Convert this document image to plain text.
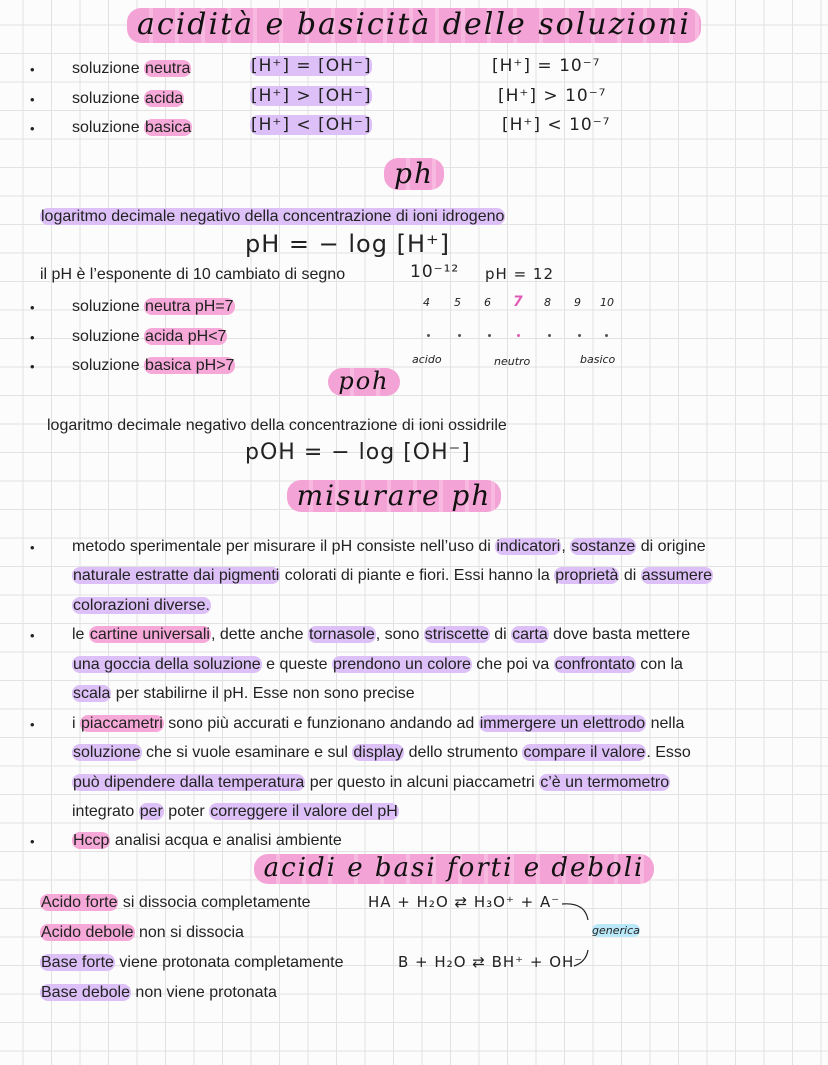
acidità e basicità delle soluzioni
• soluzione neutra	[H⁺] = [OH⁻]	[H⁺] = 10⁻⁷
• soluzione acida	[H⁺] > [OH⁻]	[H⁺] > 10⁻⁷
• soluzione basica	[H⁺] < [OH⁻]	[H⁺] < 10⁻⁷
ph
logaritmo decimale negativo della concentrazione di ioni idrogeno
pH = − log [H⁺]
il pH è l’esponente di 10 cambiato di segno	10⁻¹² pH = 12
• soluzione neutra pH=7
• soluzione acida pH<7
• soluzione basica pH>7
4 5 6 7 8 9 10
acido	neutro	basico
poh
logaritmo decimale negativo della concentrazione di ioni ossidrile
pOH = − log [OH⁻]
misurare ph
• metodo sperimentale per misurare il pH consiste nell’uso di indicatori, sostanze di origine
naturale estratte dai pigmenti colorati di piante e fiori. Essi hanno la proprietà di assumere
colorazioni diverse.
• le cartine universali, dette anche tornasole, sono striscette di carta dove basta mettere
una goccia della soluzione e queste prendono un colore che poi va confrontato con la
scala per stabilirne il pH. Esse non sono precise
• i piaccametri sono più accurati e funzionano andando ad immergere un elettrodo nella
soluzione che si vuole esaminare e sul display dello strumento compare il valore. Esso
può dipendere dalla temperatura per questo in alcuni piaccametri c’è un termometro
integrato per poter correggere il valore del pH
• Hccp analisi acqua e analisi ambiente
acidi e basi forti e deboli
Acido forte si dissocia completamente
Acido debole non si dissocia
Base forte viene protonata completamente
Base debole non viene protonata
HA + H₂O ⇄ H₃O⁺ + A⁻
B + H₂O ⇄ BH⁺ + OH⁻
generica
